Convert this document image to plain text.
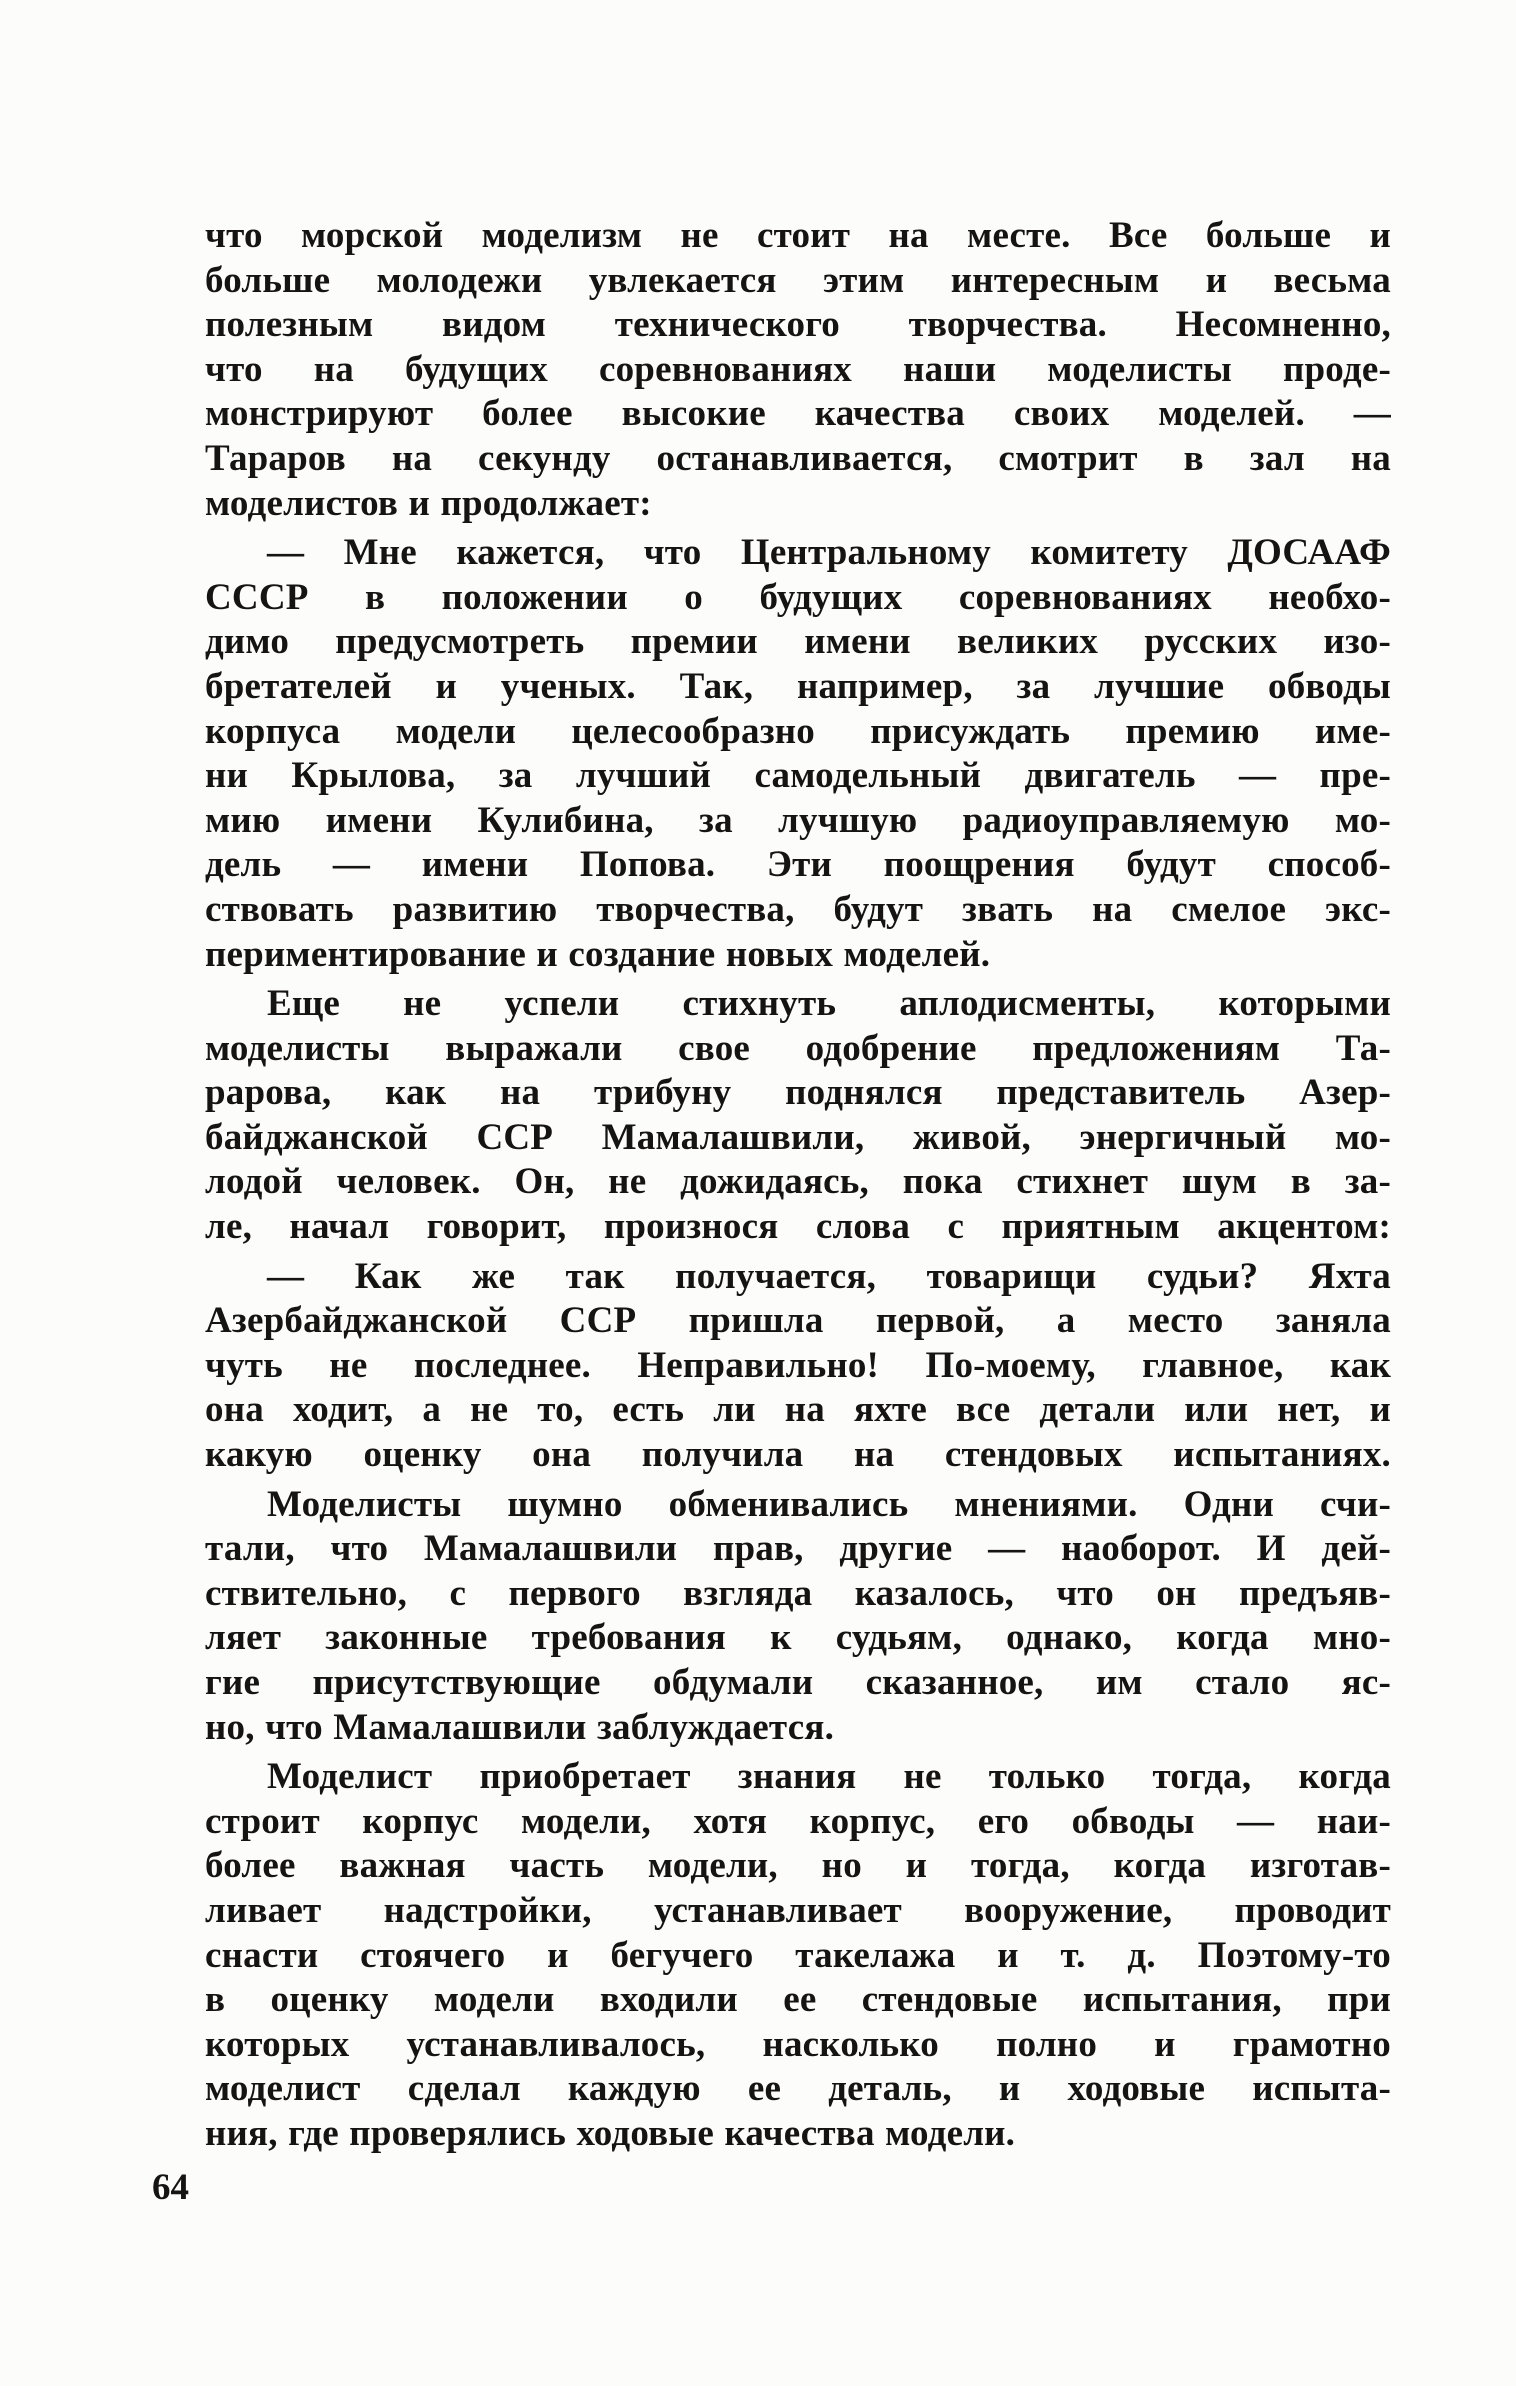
что морской моделизм не стоит на месте. Все больше и
больше молодежи увлекается этим интересным и весьма
полезным видом технического творчества. Несомненно,
что на будущих соревнованиях наши моделисты проде-
монстрируют более высокие качества своих моделей. —
Тараров на секунду останавливается, смотрит в зал на
моделистов и продолжает:
— Мне кажется, что Центральному комитету ДОСААФ
СССР в положении о будущих соревнованиях необхо-
димо предусмотреть премии имени великих русских изо-
бретателей и ученых. Так, например, за лучшие обводы
корпуса модели целесообразно присуждать премию име-
ни Крылова, за лучший самодельный двигатель — пре-
мию имени Кулибина, за лучшую радиоуправляемую мо-
дель — имени Попова. Эти поощрения будут способ-
ствовать развитию творчества, будут звать на смелое экс-
периментирование и создание новых моделей.
Еще не успели стихнуть аплодисменты, которыми
моделисты выражали свое одобрение предложениям Та-
рарова, как на трибуну поднялся представитель Азер-
байджанской ССР Мамалашвили, живой, энергичный мо-
лодой человек. Он, не дожидаясь, пока стихнет шум в за-
ле, начал говорит, произнося слова с приятным акцентом:
— Как же так получается, товарищи судьи? Яхта
Азербайджанской ССР пришла первой, а место заняла
чуть не последнее. Неправильно! По-моему, главное, как
она ходит, а не то, есть ли на яхте все детали или нет, и
какую оценку она получила на стендовых испытаниях.
Моделисты шумно обменивались мнениями. Одни счи-
тали, что Мамалашвили прав, другие — наоборот. И дей-
ствительно, с первого взгляда казалось, что он предъяв-
ляет законные требования к судьям, однако, когда мно-
гие присутствующие обдумали сказанное, им стало яс-
но, что Мамалашвили заблуждается.
Моделист приобретает знания не только тогда, когда
строит корпус модели, хотя корпус, его обводы — наи-
более важная часть модели, но и тогда, когда изготав-
ливает надстройки, устанавливает вооружение, проводит
снасти стоячего и бегучего такелажа и т. д. Поэтому-то
в оценку модели входили ее стендовые испытания, при
которых устанавливалось, насколько полно и грамотно
моделист сделал каждую ее деталь, и ходовые испыта-
ния, где проверялись ходовые качества модели.
64
